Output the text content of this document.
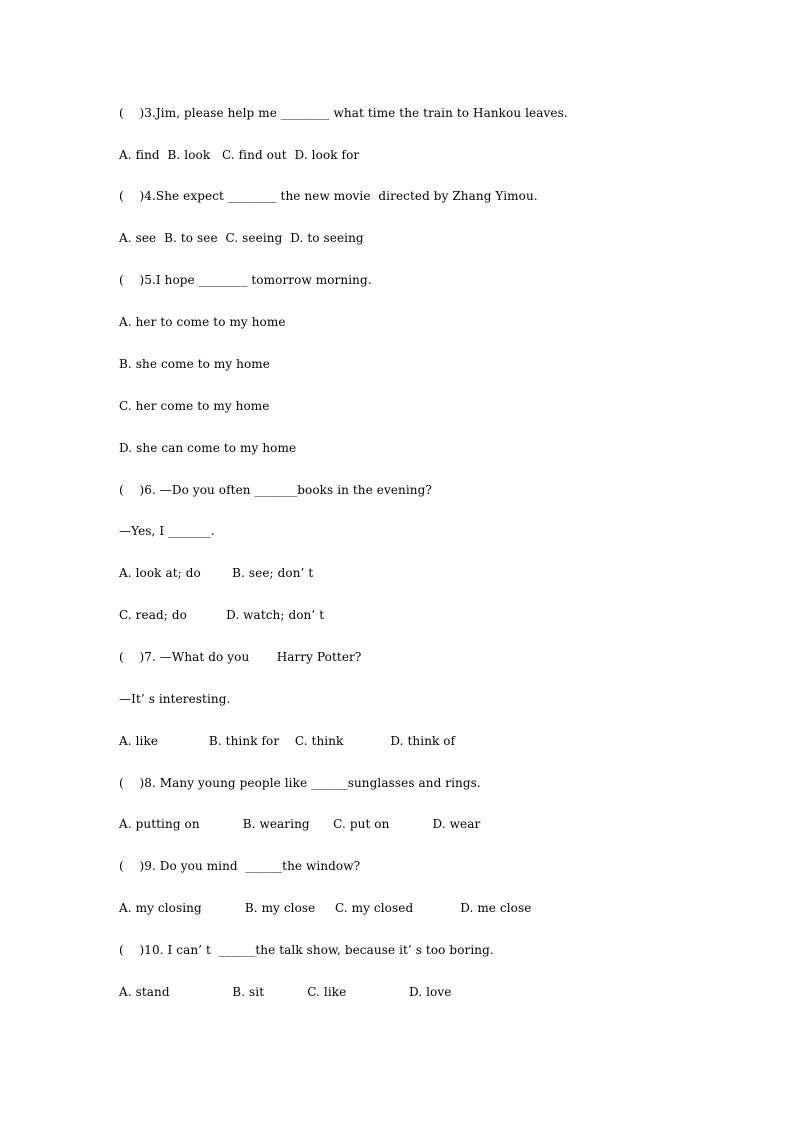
(    )3.Jim, please help me ________ what time the train to Hankou leaves.
A. find  B. look   C. find out  D. look for
(    )4.She expect ________ the new movie  directed by Zhang Yimou.
A. see  B. to see  C. seeing  D. to seeing
(    )5.I hope ________ tomorrow morning.
A. her to come to my home
B. she come to my home
C. her come to my home
D. she can come to my home
(    )6. —Do you often _______books in the evening?
—Yes, I _______.
A. look at; do        B. see; don’ t
C. read; do          D. watch; don’ t
(    )7. —What do you       Harry Potter?
—It’ s interesting.
A. like             B. think for    C. think            D. think of
(    )8. Many young people like ______sunglasses and rings.
A. putting on           B. wearing      C. put on           D. wear
(    )9. Do you mind  ______the window?
A. my closing           B. my close     C. my closed            D. me close
(    )10. I can’ t  ______the talk show, because it’ s too boring.
A. stand                B. sit           C. like                D. love
